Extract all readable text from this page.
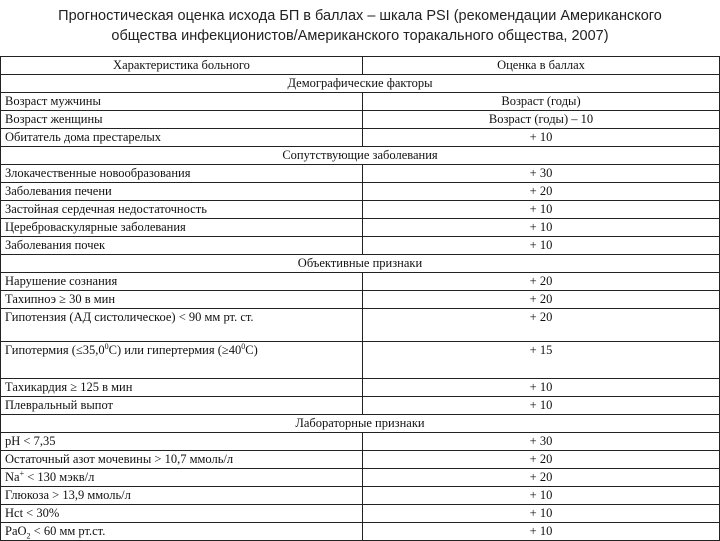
Прогностическая оценка исхода БП в баллах – шкала PSI (рекомендации Американского
общества инфекционистов/Американского торакального общества, 2007)
Характеристика больного	Оценка в баллах
Демографические факторы	
Возраст мужчины	Возраст (годы)
Возраст женщины	Возраст (годы) – 10
Обитатель дома престарелых	+ 10
Сопутствующие заболевания	
Злокачественные новообразования	+ 30
Заболевания печени	+ 20
Застойная сердечная недостаточность	+ 10
Цереброваскулярные заболевания	+ 10
Заболевания почек	+ 10
Объективные признаки	
Нарушение сознания	+ 20
Тахипноэ ≥ 30 в мин	+ 20
Гипотензия (АД систолическое) < 90 мм рт. ст.	+ 20
Гипотермия $(\le 35,0^0C)$ или гипертермия $(\ge 40^0C)$	+ 15
Тахикардия ≥ 125 в мин	+ 10
Плевральный выпот	+ 10
Лабораторные признаки	
pH < 7,35	+ 30
Остаточный азот мочевины > 10,7 ммоль/л	+ 20
Na+ < 130 мэкв/л	+ 20
Глюкоза > 13,9 ммоль/л	+ 10
Hct < 30%	+ 10
PaO$_2$ < 60 мм рт.ст.	+ 10
